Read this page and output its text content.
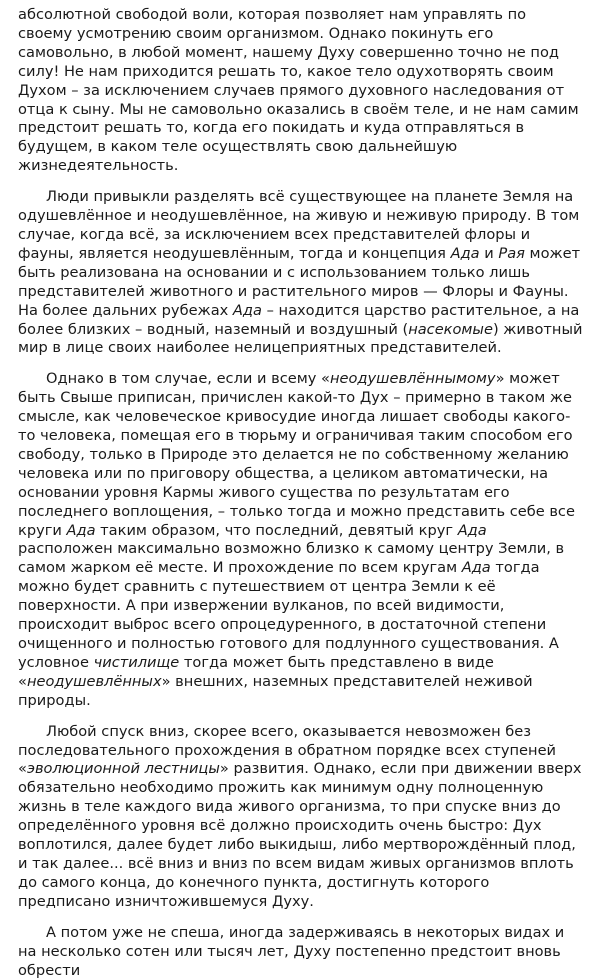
абсолютной свободой воли, которая позволяет нам управлять по своему усмотрению своим организмом. Однако покинуть его самовольно, в любой момент, нашему Духу совершенно точно не под силу! Не нам приходится решать то, какое тело одухотворять своим Духом – за исключением случаев прямого духовного наследования от отца к сыну. Мы не самовольно оказались в своём теле, и не нам самим предстоит решать то, когда его покидать и куда отправляться в будущем, в каком теле осуществлять свою дальнейшую жизнедеятельность.

Люди привыкли разделять всё существующее на планете Земля на одушевлённое и неодушевлённое, на живую и неживую природу. В том случае, когда всё, за исключением всех представителей флоры и фауны, является неодушевлённым, тогда и концепция Ада и Рая может быть реализована на основании и с использованием только лишь представителей животного и растительного миров — Флоры и Фауны. На более дальних рубежах Ада – находится царство растительное, а на более близких – водный, наземный и воздушный (насекомые) животный мир в лице своих наиболее нелицеприятных представителей.

Однако в том случае, если и всему «неодушевлённымому» может быть Свыше приписан, причислен какой-то Дух – примерно в таком же смысле, как человеческое кривосудие иногда лишает свободы какого-то человека, помещая его в тюрьму и ограничивая таким способом его свободу, только в Природе это делается не по собственному желанию человека или по приговору общества, а целиком автоматически, на основании уровня Кармы живого существа по результатам его последнего воплощения, – только тогда и можно представить себе все круги Ада таким образом, что последний, девятый круг Ада расположен максимально возможно близко к самому центру Земли, в самом жарком её месте. И прохождение по всем кругам Ада тогда можно будет сравнить с путешествием от центра Земли к её поверхности. А при извержении вулканов, по всей видимости, происходит выброс всего опроцедуренного, в достаточной степени очищенного и полностью готового для подлунного существования. А условное чистилище тогда может быть представлено в виде «неодушевлённых» внешних, наземных представителей неживой природы.

Любой спуск вниз, скорее всего, оказывается невозможен без последовательного прохождения в обратном порядке всех ступеней «эволюционной лестницы» развития. Однако, если при движении вверх обязательно необходимо прожить как минимум одну полноценную жизнь в теле каждого вида живого организма, то при спуске вниз до определённого уровня всё должно происходить очень быстро: Дух воплотился, далее будет либо выкидыш, либо мертворождённый плод, и так далее... всё вниз и вниз по всем видам живых организмов вплоть до самого конца, до конечного пункта, достигнуть которого предписано изничтожившемуся Духу.

А потом уже не спеша, иногда задерживаясь в некоторых видах и на несколько сотен или тысяч лет, Духу постепенно предстоит вновь обрести
